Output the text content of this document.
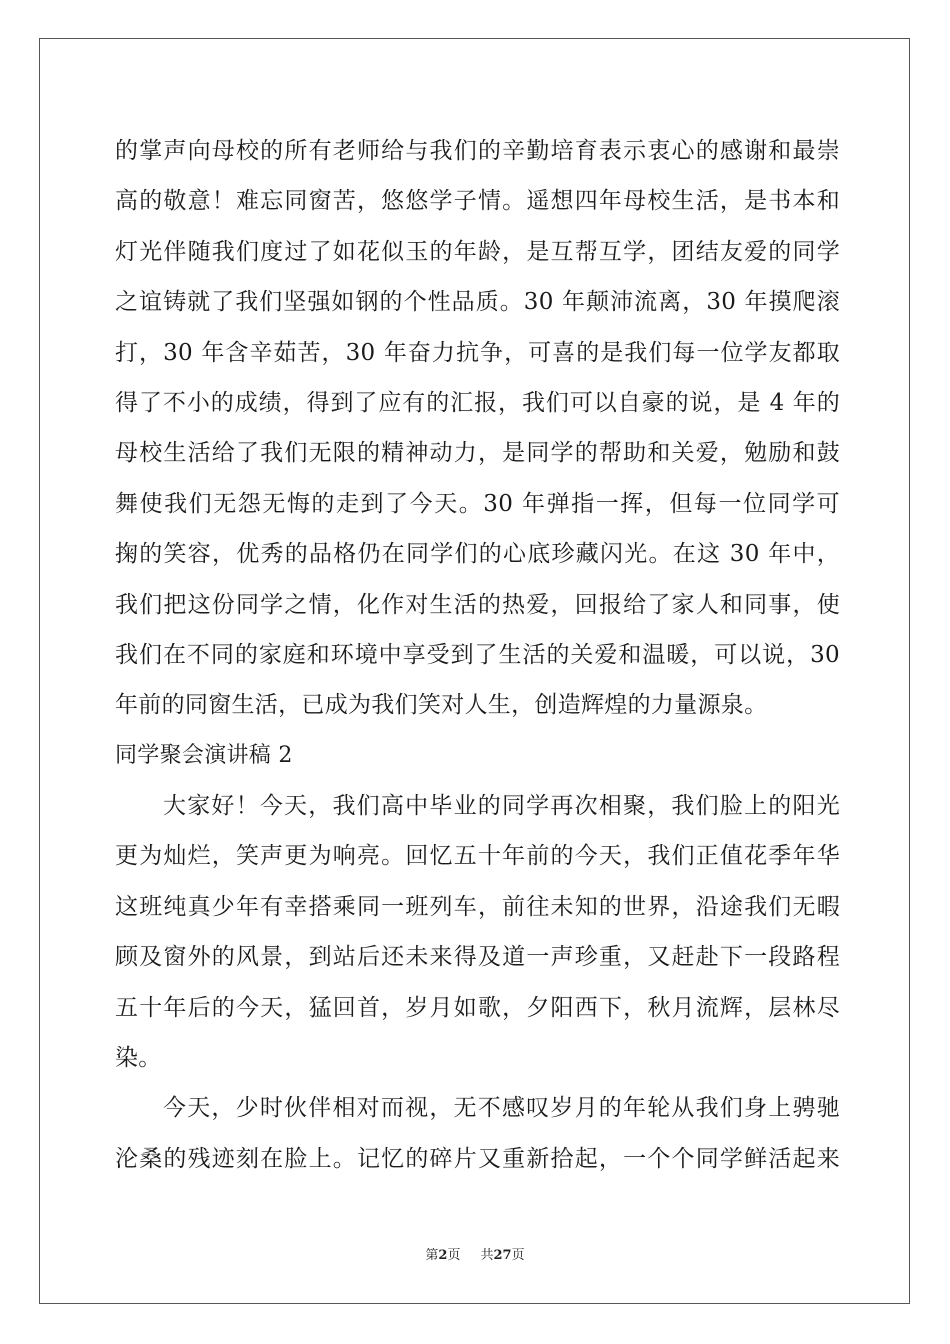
的掌声向母校的所有老师给与我们的辛勤培育表示衷心的感谢和最崇
高的敬意！难忘同窗苦，悠悠学子情。遥想四年母校生活，是书本和
灯光伴随我们度过了如花似玉的年龄，是互帮互学，团结友爱的同学
之谊铸就了我们坚强如钢的个性品质。30 年颠沛流离，30 年摸爬滚
打，30 年含辛茹苦，30 年奋力抗争，可喜的是我们每一位学友都取
得了不小的成绩，得到了应有的汇报，我们可以自豪的说，是 4 年的
母校生活给了我们无限的精神动力，是同学的帮助和关爱，勉励和鼓
舞使我们无怨无悔的走到了今天。30 年弹指一挥，但每一位同学可
掬的笑容，优秀的品格仍在同学们的心底珍藏闪光。在这 30 年中，
我们把这份同学之情，化作对生活的热爱，回报给了家人和同事，使
我们在不同的家庭和环境中享受到了生活的关爱和温暖，可以说，30
年前的同窗生活，已成为我们笑对人生，创造辉煌的力量源泉。
同学聚会演讲稿 2
大家好！今天，我们高中毕业的同学再次相聚，我们脸上的阳光
更为灿烂，笑声更为响亮。回忆五十年前的今天，我们正值花季年华
这班纯真少年有幸搭乘同一班列车，前往未知的世界，沿途我们无暇
顾及窗外的风景，到站后还未来得及道一声珍重，又赶赴下一段路程
五十年后的今天，猛回首，岁月如歌，夕阳西下，秋月流辉，层林尽
染。
今天，少时伙伴相对而视，无不感叹岁月的年轮从我们身上骋驰
沦桑的残迹刻在脸上。记忆的碎片又重新拾起，一个个同学鲜活起来
第2页 共27页
